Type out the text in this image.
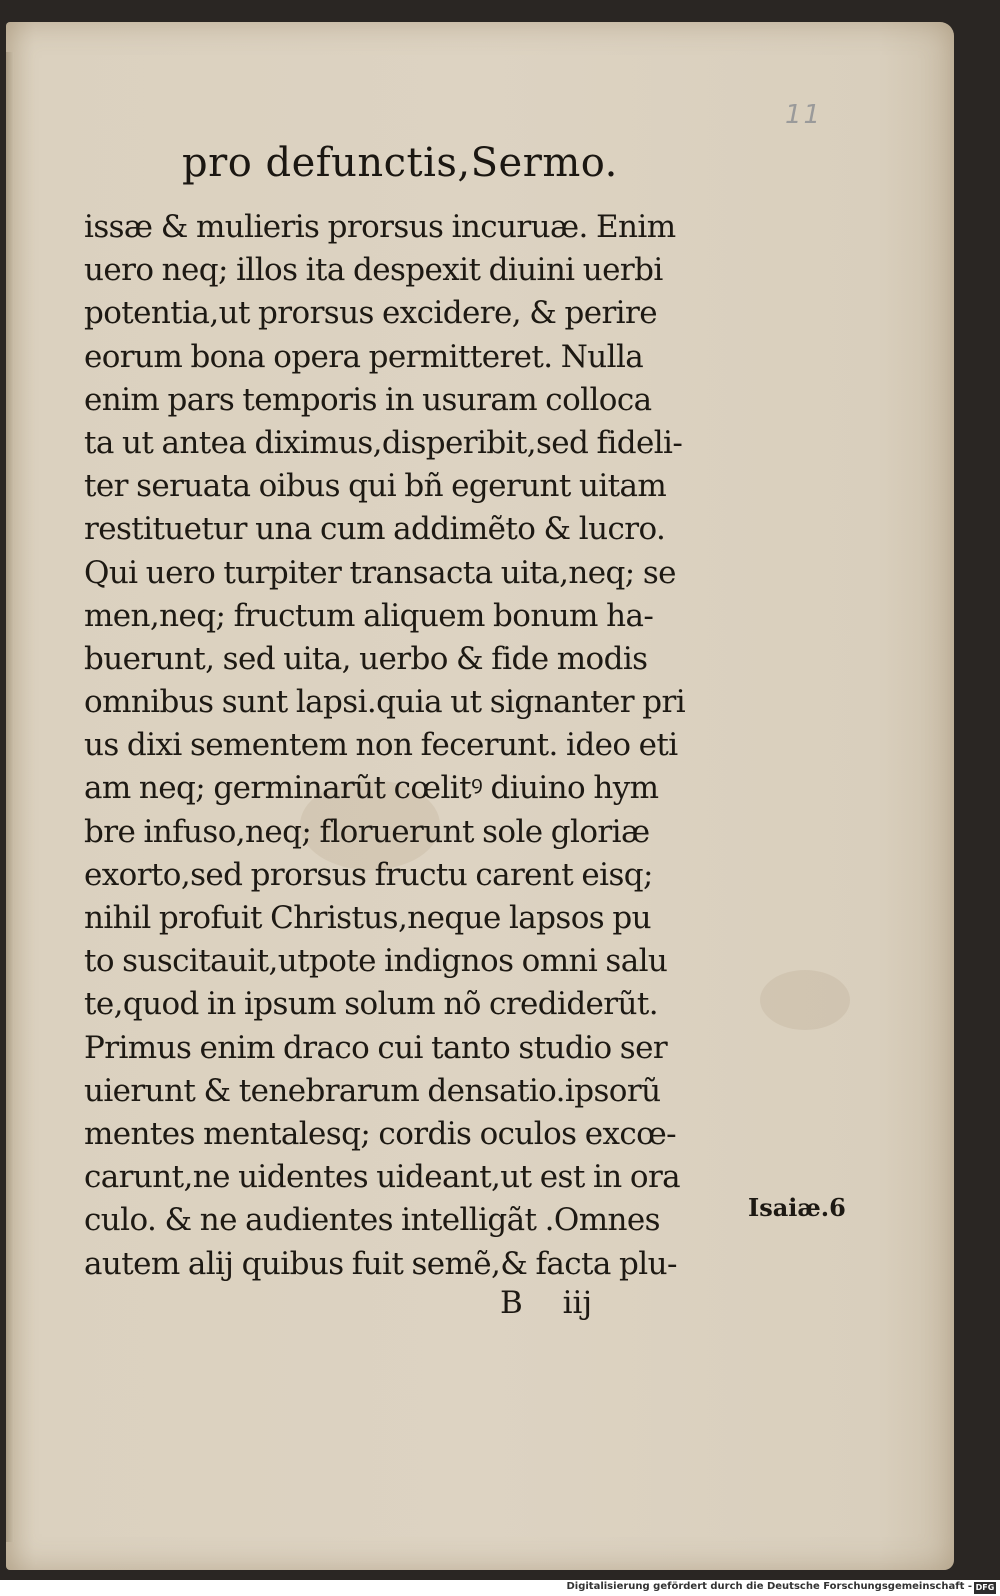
11
pro defunctis,Sermo.
issæ & mulieris prorsus incuruæ. Enim
uero neq; illos ita despexit diuini uerbi
potentia,ut prorsus excidere, & perire
eorum bona opera permitteret. Nulla
enim pars temporis in usuram colloca
ta ut antea diximus,disperibit,sed fideli-
ter seruata oibus qui bñ egerunt uitam
restituetur una cum addimẽto & lucro.
Qui uero turpiter transacta uita,neq; se
men,neq; fructum aliquem bonum ha-
buerunt, sed uita, uerbo & fide modis
omnibus sunt lapsi.quia ut signanter pri
us dixi sementem non fecerunt. ideo eti
am neq; germinarũt cœlitꝰ diuino hym
bre infuso,neq; floruerunt sole gloriæ
exorto,sed prorsus fructu carent eisq;
nihil profuit Christus,neque lapsos pu
to suscitauit,utpote indignos omni salu
te,quod in ipsum solum nõ crediderũt.
Primus enim draco cui tanto studio ser
uierunt & tenebrarum densatio.ipsorũ
mentes mentalesq; cordis oculos excœ-
carunt,ne uidentes uideant,ut est in ora
culo. & ne audientes intelligãt .Omnes
autem alij quibus fuit semẽ,& facta plu-
Isaiæ.6
B iij
Digitalisierung gefördert durch die Deutsche Forschungsgemeinschaft - DFG
